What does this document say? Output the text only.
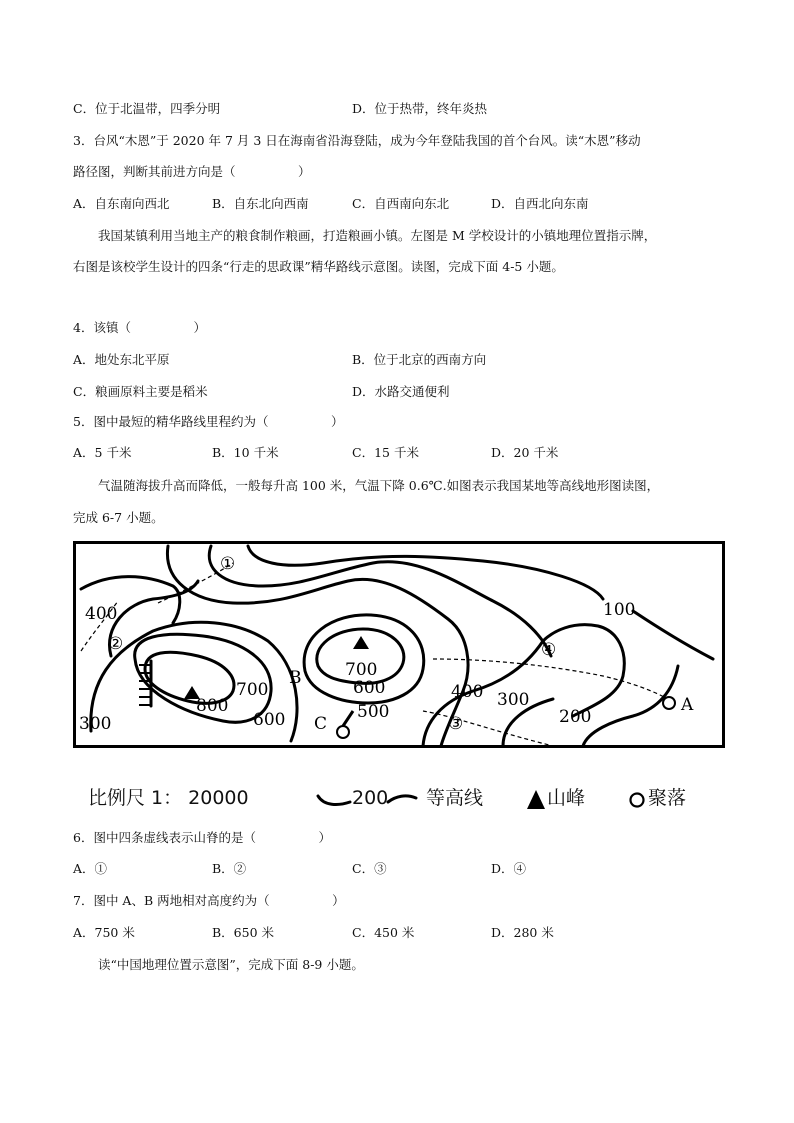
C．位于北温带，四季分明	D．位于热带，终年炎热
3．台风“木恩”于 2020 年 7 月 3 日在海南省沿海登陆，成为今年登陆我国的首个台风。读“木恩”移动
路径图，判断其前进方向是（　　　　　）
A．自东南向西北	B．自东北向西南	C．自西南向东北	D．自西北向东南
我国某镇利用当地主产的粮食制作粮画，打造粮画小镇。左图是 M 学校设计的小镇地理位置指示牌，
右图是该校学生设计的四条“行走的思政课”精华路线示意图。读图，完成下面 4-5 小题。
4．该镇（　　　　　）
A．地处东北平原	B．位于北京的西南方向
C．粮画原料主要是稻米	D．水路交通便利
5．图中最短的精华路线里程约为（　　　　　）
A．5 千米	B．10 千米	C．15 千米	D．20 千米
气温随海拔升高而降低，一般每升高 100 米，气温下降 0.6℃.如图表示我国某地等高线地形图读图，
完成 6-7 小题。
400
300
100
700
800
600
700	600
500
400 300
200
A
B
C
①
②
③
④
比例尺 1： 20000	200 等高线	山峰	聚落
6．图中四条虚线表示山脊的是（　　　　　）
A．①	B．②	C．③	D．④
7．图中 A、B 两地相对高度约为（　　　　　）
A．750 米	B．650 米	C．450 米	D．280 米
读“中国地理位置示意图”，完成下面 8-9 小题。
